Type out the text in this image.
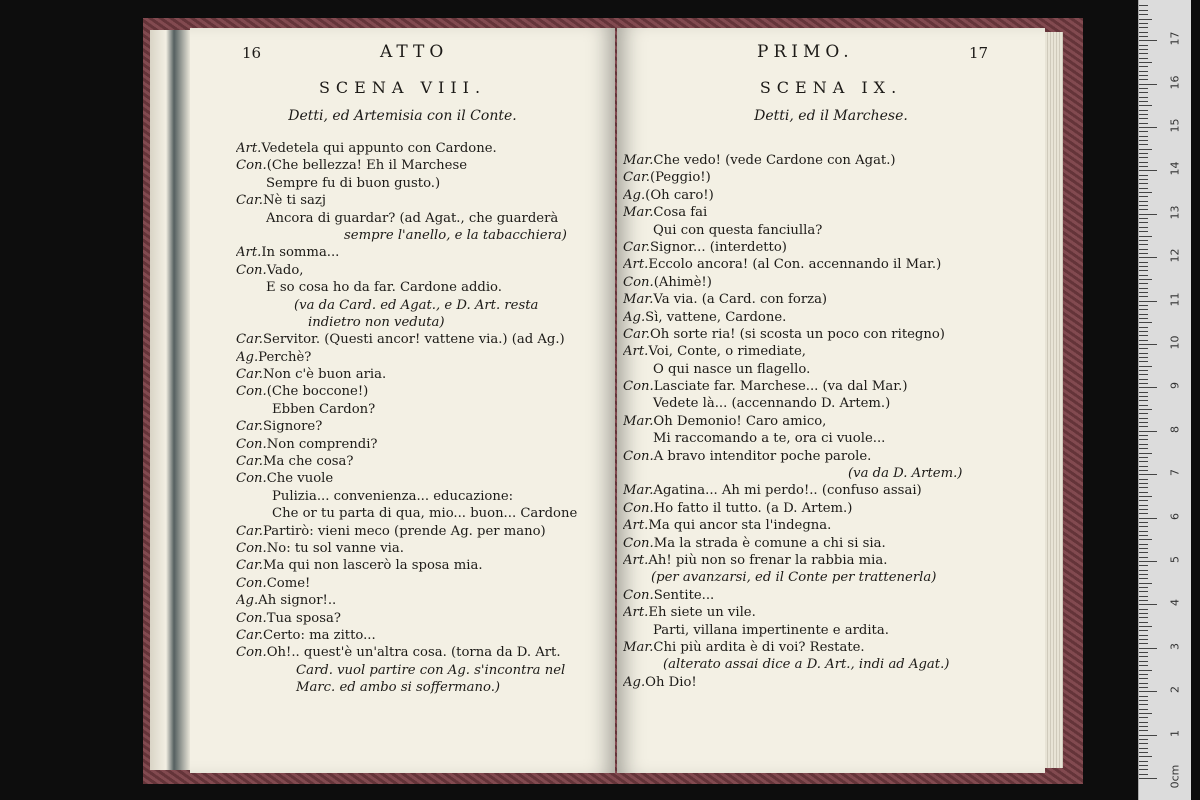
16	ATTO
SCENA VIII.
Detti, ed Artemisia con il Conte.
Art.Vedetela qui appunto con Cardone.
Con.(Che bellezza! Eh il Marchese
Sempre fu di buon gusto.)
Car.Nè ti sazj
Ancora di guardar? (ad Agat., che guarderà
sempre l'anello, e la tabacchiera)
Art.In somma...
Con.Vado,
E so cosa ho da far. Cardone addio.
(va da Card. ed Agat., e D. Art. resta
indietro non veduta)
Car.Servitor. (Questi ancor! vattene via.) (ad Ag.)
Ag.Perchè?
Car.Non c'è buon aria.
Con.(Che boccone!)
Ebben Cardon?
Car.Signore?
Con.Non comprendi?
Car.Ma che cosa?
Con.Che vuole
Pulizia... convenienza... educazione:
Che or tu parta di qua, mio... buon... Cardone
Car.Partirò: vieni meco (prende Ag. per mano)
Con.No: tu sol vanne via.
Car.Ma qui non lascerò la sposa mia.
Con.Come!
Ag.Ah signor!..
Con.Tua sposa?
Car.Certo: ma zitto...
Con.Oh!.. quest'è un'altra cosa. (torna da D. Art.
Card. vuol partire con Ag. s'incontra nel
Marc. ed ambo si soffermano.)
PRIMO.	17
SCENA IX.
Detti, ed il Marchese.
Mar.Che vedo! (vede Cardone con Agat.)
Car.(Peggio!)
Ag.(Oh caro!)
Mar.Cosa fai
Qui con questa fanciulla?
Car.Signor... (interdetto)
Art.Eccolo ancora! (al Con. accennando il Mar.)
Con.(Ahimè!)
Mar.Va via. (a Card. con forza)
Ag.Sì, vattene, Cardone.
Car.Oh sorte ria! (si scosta un poco con ritegno)
Art.Voi, Conte, o rimediate,
O qui nasce un flagello.
Con.Lasciate far. Marchese... (va dal Mar.)
Vedete là... (accennando D. Artem.)
Mar.Oh Demonio! Caro amico,
Mi raccomando a te, ora ci vuole...
Con.A bravo intenditor poche parole.
(va da D. Artem.)
Mar.Agatina... Ah mi perdo!.. (confuso assai)
Con.Ho fatto il tutto. (a D. Artem.)
Art.Ma qui ancor sta l'indegna.
Con.Ma la strada è comune a chi si sia.
Art.Ah! più non so frenar la rabbia mia.
(per avanzarsi, ed il Conte per trattenerla)
Con.Sentite...
Art.Eh siete un vile.
Parti, villana impertinente e ardita.
Mar.Chi più ardita è di voi? Restate.
(alterato assai dice a D. Art., indi ad Agat.)
Ag.Oh Dio!
0cm
1
2
3
4
5
6
7
8
9
10
11
12
13
14
15
16
17
